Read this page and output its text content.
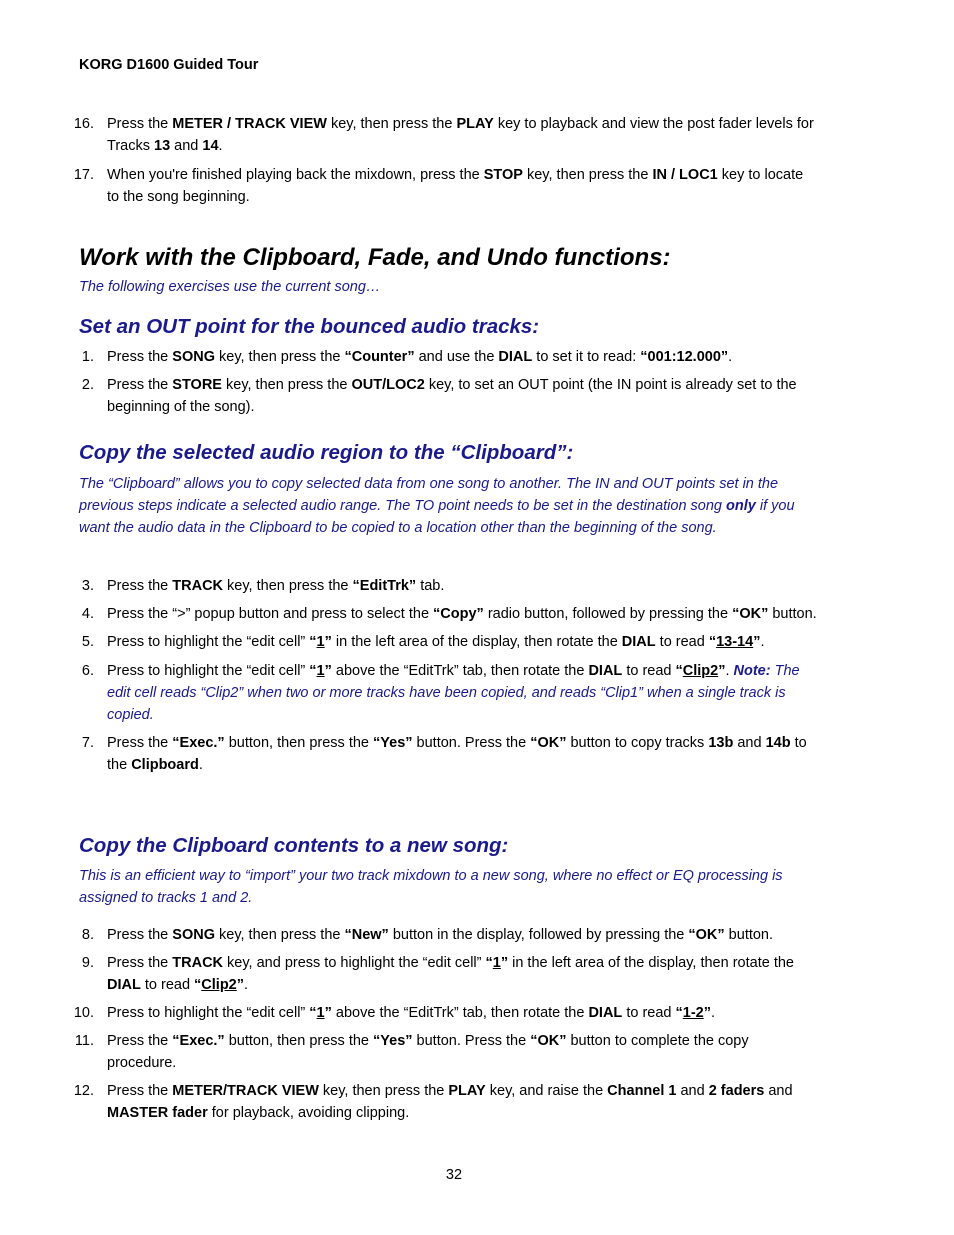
KORG D1600 Guided Tour
16. Press the METER / TRACK VIEW key, then press the PLAY key to playback and view the post fader levels for Tracks 13 and 14.
17. When you're finished playing back the mixdown, press the STOP key, then press the IN / LOC1 key to locate to the song beginning.
Work with the Clipboard, Fade, and Undo functions:
The following exercises use the current song…
Set an OUT point for the bounced audio tracks:
1. Press the SONG key, then press the “Counter” and use the DIAL to set it to read: “001:12.000”.
2. Press the STORE key, then press the OUT/LOC2 key, to set an OUT point (the IN point is already set to the beginning of the song).
Copy the selected audio region to the “Clipboard”:
The “Clipboard” allows you to copy selected data from one song to another. The IN and OUT points set in the previous steps indicate a selected audio range. The TO point needs to be set in the destination song only if you want the audio data in the Clipboard to be copied to a location other than the beginning of the song.
3. Press the TRACK key, then press the “EditTrk” tab.
4. Press the “>” popup button and press to select the “Copy” radio button, followed by pressing the “OK” button.
5. Press to highlight the “edit cell” “1” in the left area of the display, then rotate the DIAL to read “13-14”.
6. Press to highlight the “edit cell” “1” above the “EditTrk” tab, then rotate the DIAL to read “Clip2”. Note: The edit cell reads “Clip2” when two or more tracks have been copied, and reads “Clip1” when a single track is copied.
7. Press the “Exec.” button, then press the “Yes” button. Press the “OK” button to copy tracks 13b and 14b to the Clipboard.
Copy the Clipboard contents to a new song:
This is an efficient way to “import” your two track mixdown to a new song, where no effect or EQ processing is assigned to tracks 1 and 2.
8. Press the SONG key, then press the “New” button in the display, followed by pressing the “OK” button.
9. Press the TRACK key, and press to highlight the “edit cell” “1” in the left area of the display, then rotate the DIAL to read “Clip2”.
10. Press to highlight the “edit cell” “1” above the “EditTrk” tab, then rotate the DIAL to read “1-2”.
11. Press the “Exec.” button, then press the “Yes” button. Press the “OK” button to complete the copy procedure.
12. Press the METER/TRACK VIEW key, then press the PLAY key, and raise the Channel 1 and 2 faders and MASTER fader for playback, avoiding clipping.
32
